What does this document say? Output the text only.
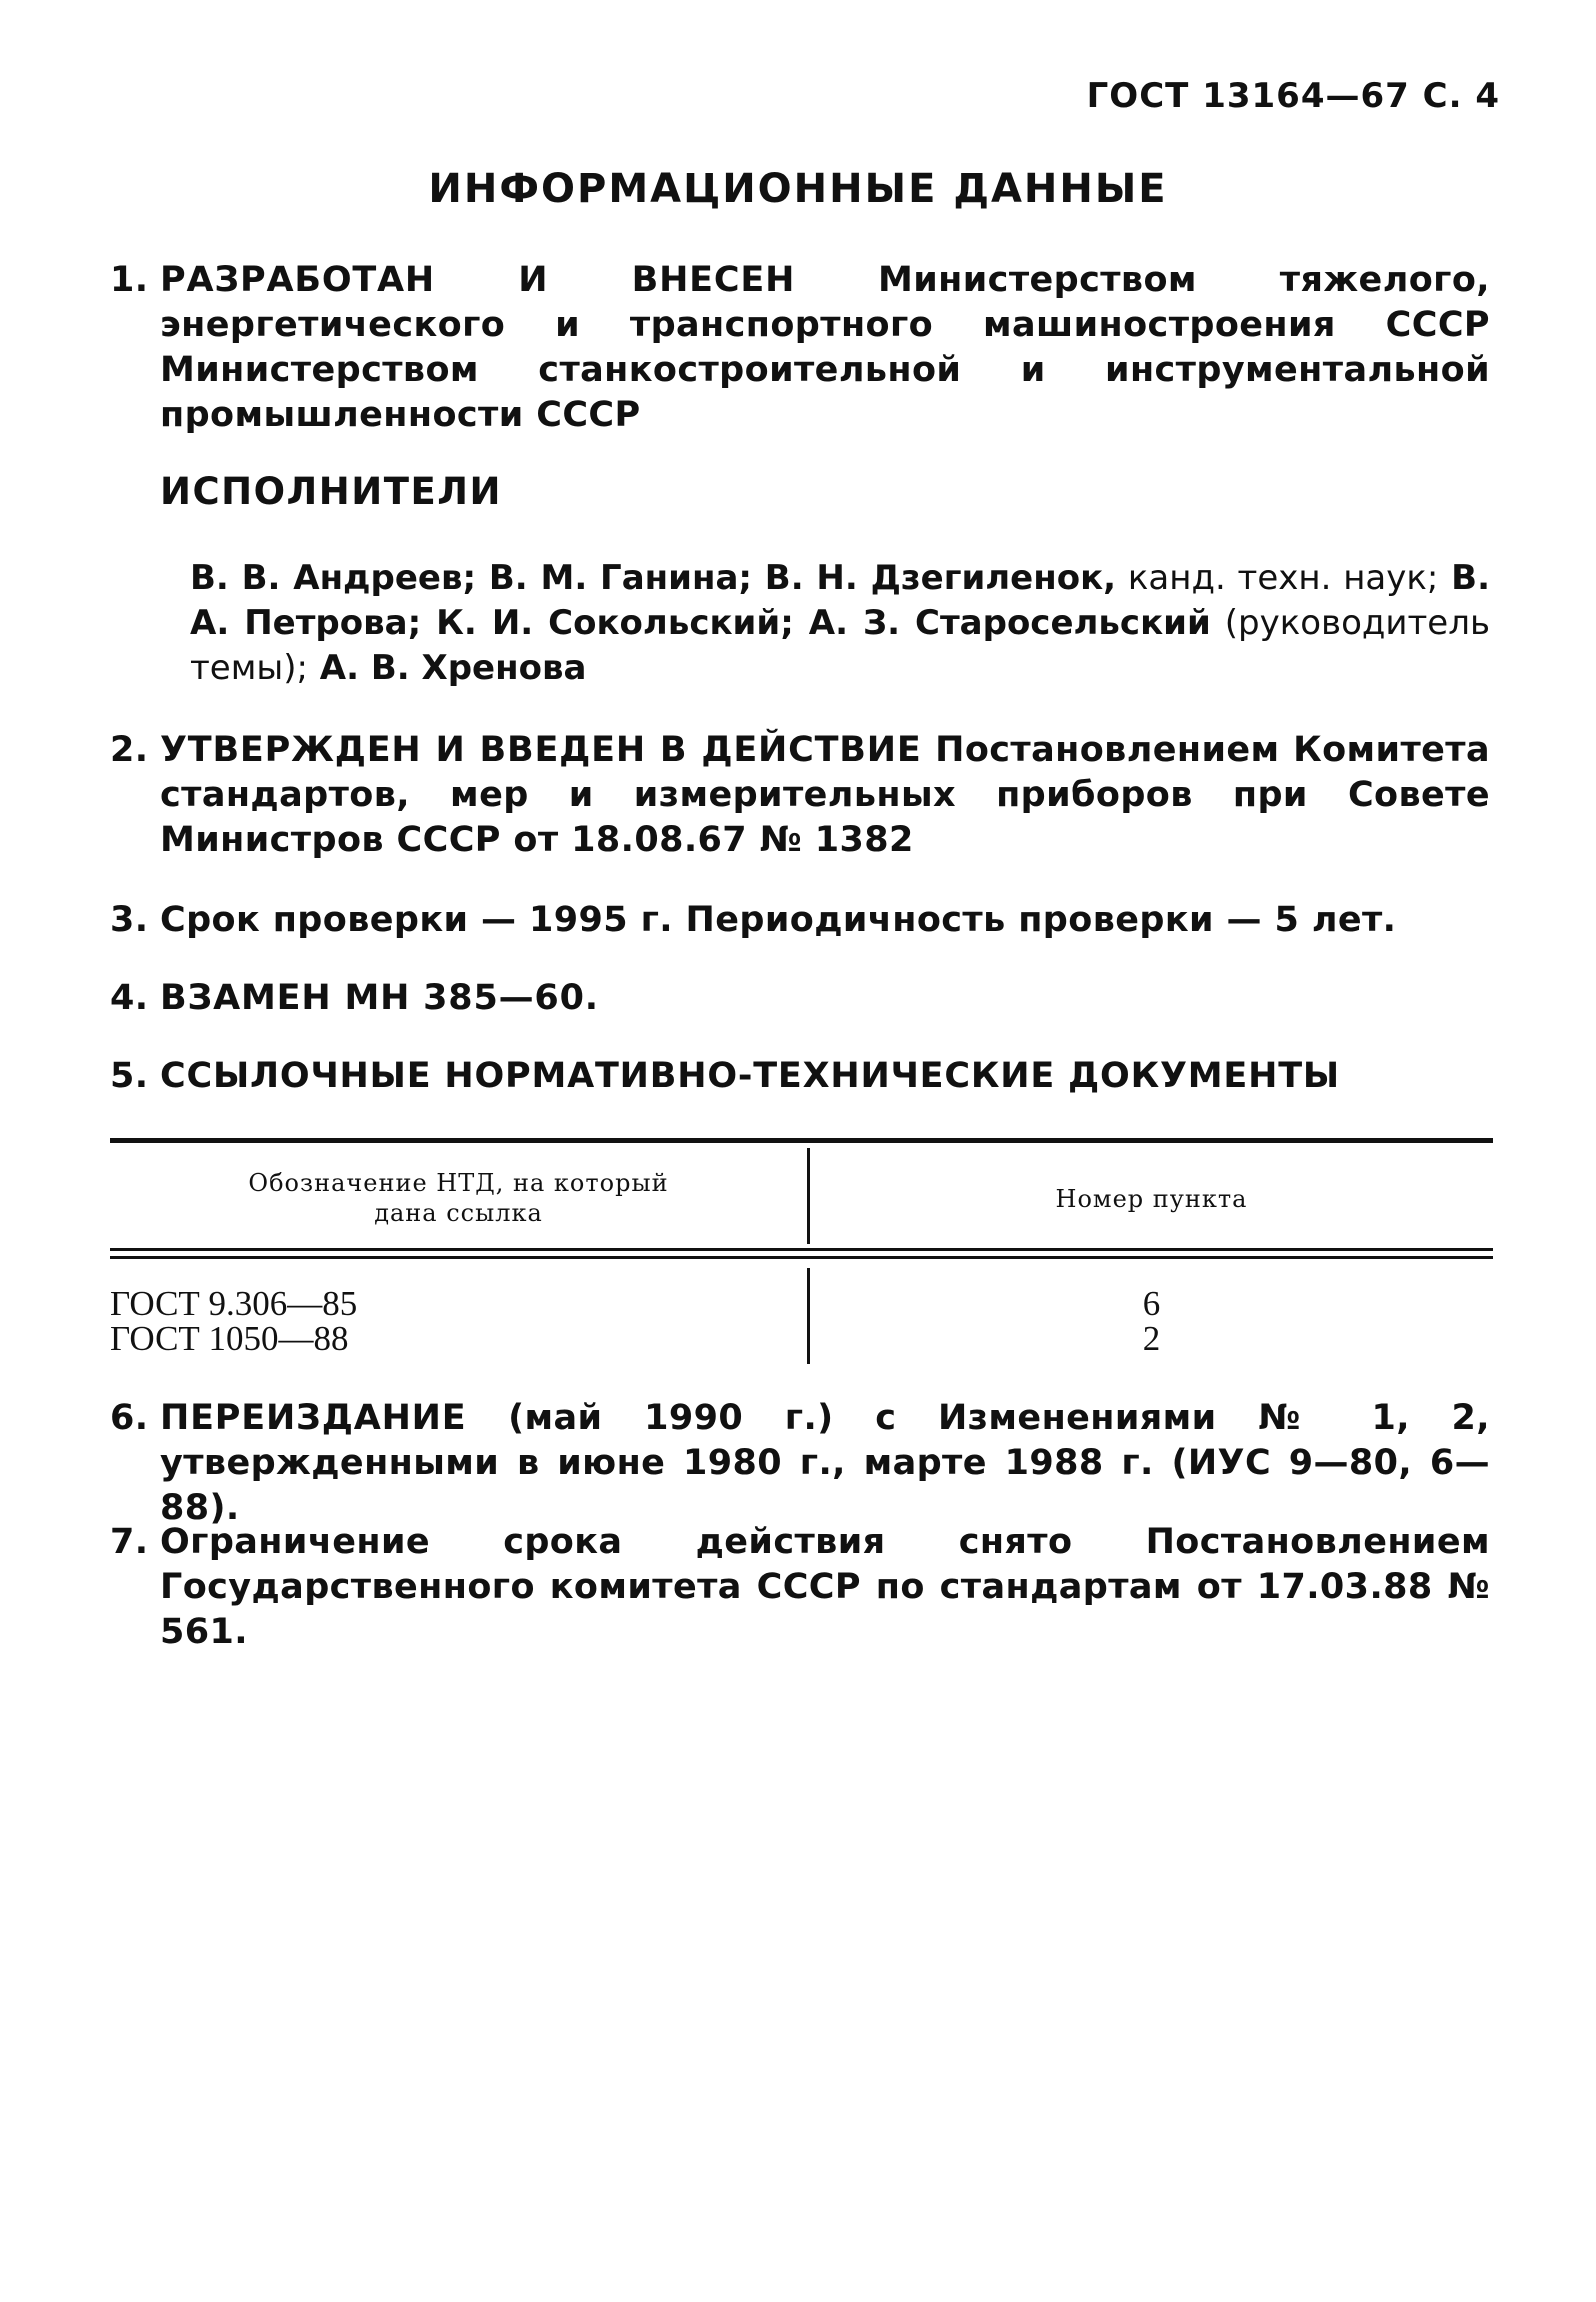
ГОСТ 13164—67 С. 4
ИНФОРМАЦИОННЫЕ ДАННЫЕ
1. РАЗРАБОТАН И ВНЕСЕН Министерством тяжелого, энергетического и транспортного машиностроения СССР Министерством станкостроительной и инструментальной промышленности СССР
ИСПОЛНИТЕЛИ
В. В. Андреев; В. М. Ганина; В. Н. Дзегиленок, канд. техн. наук; В. А. Петрова; К. И. Сокольский; А. З. Старосельский (руководитель темы); А. В. Хренова
2. УТВЕРЖДЕН И ВВЕДЕН В ДЕЙСТВИЕ Постановлением Комитета стандартов, мер и измерительных приборов при Совете Министров СССР от 18.08.67 № 1382
3. Срок проверки — 1995 г. Периодичность проверки — 5 лет.
4. ВЗАМЕН МН 385—60.
5. ССЫЛОЧНЫЕ НОРМАТИВНО-ТЕХНИЧЕСКИЕ ДОКУМЕНТЫ
Обозначение НТД, на который
дана ссылка	Номер пункта
ГОСТ 9.306—85	6
ГОСТ 1050—88	2
6. ПЕРЕИЗДАНИЕ (май 1990 г.) с Изменениями № 1, 2, утвержденными в июне 1980 г., марте 1988 г. (ИУС 9—80, 6—88).
7. Ограничение срока действия снято Постановлением Государственного комитета СССР по стандартам от 17.03.88 № 561.
